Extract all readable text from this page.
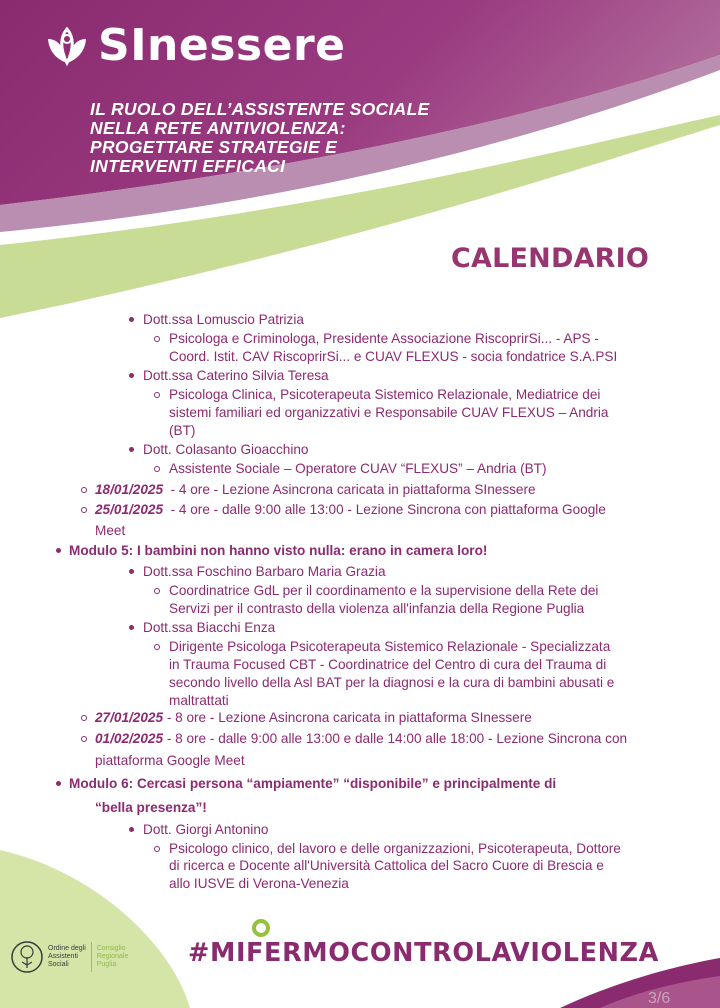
SInessere
IL RUOLO DELL’ASSISTENTE SOCIALE
NELLA RETE ANTIVIOLENZA:
PROGETTARE STRATEGIE E
INTERVENTI EFFICACI
CALENDARIO
Dott.ssa Lomuscio Patrizia
Psicologa e Criminologa, Presidente Associazione RiscoprirSi... - APS -
Coord. Istit. CAV RiscoprirSi... e CUAV FLEXUS - socia fondatrice S.A.PSI
Dott.ssa Caterino Silvia Teresa
Psicologa Clinica, Psicoterapeuta Sistemico Relazionale, Mediatrice dei
sistemi familiari ed organizzativi e Responsabile CUAV FLEXUS – Andria
(BT)
Dott. Colasanto Gioacchino
Assistente Sociale – Operatore CUAV “FLEXUS” – Andria (BT)
18/01/2025  - 4 ore - Lezione Asincrona caricata in piattaforma SInessere
25/01/2025  - 4 ore - dalle 9:00 alle 13:00 - Lezione Sincrona con piattaforma Google
Meet
Modulo 5: I bambini non hanno visto nulla: erano in camera loro!
Dott.ssa Foschino Barbaro Maria Grazia
Coordinatrice GdL per il coordinamento e la supervisione della Rete dei
Servizi per il contrasto della violenza all'infanzia della Regione Puglia
Dott.ssa Biacchi Enza
Dirigente Psicologa Psicoterapeuta Sistemico Relazionale - Specializzata
in Trauma Focused CBT - Coordinatrice del Centro di cura del Trauma di
secondo livello della Asl BAT per la diagnosi e la cura di bambini abusati e
maltrattati
27/01/2025 - 8 ore - Lezione Asincrona caricata in piattaforma SInessere
01/02/2025 - 8 ore - dalle 9:00 alle 13:00 e dalle 14:00 alle 18:00 - Lezione Sincrona con
piattaforma Google Meet
Modulo 6: Cercasi persona “ampiamente” “disponibile” e principalmente di
“bella presenza”!
Dott. Giorgi Antonino
Psicologo clinico, del lavoro e delle organizzazioni, Psicoterapeuta, Dottore
di ricerca e Docente all'Università Cattolica del Sacro Cuore di Brescia e
allo IUSVE di Verona-Venezia
Ordine degli
Assistenti
Sociali
Consiglio
Regionale
Puglia	#MIFERMOCONTROLAVIOLENZA
3/6
